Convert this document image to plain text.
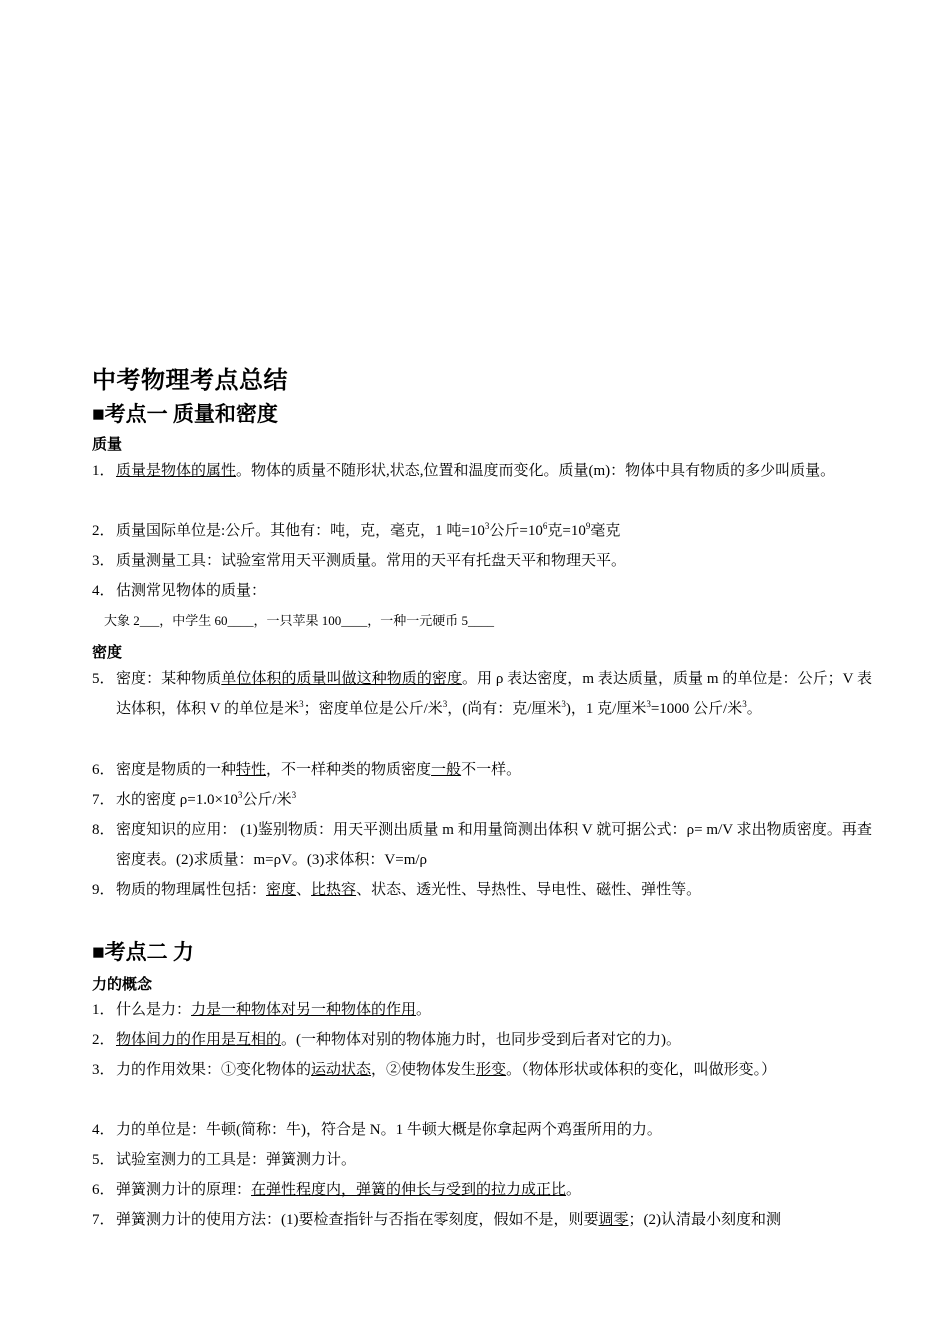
中考物理考点总结
■考点一 质量和密度
质量
1． 质量是物体的属性。物体的质量不随形状,状态,位置和温度而变化。质量(m)：物体中具有物质的多少叫质量。
2． 质量国际单位是:公斤。其他有：吨，克，毫克，1 吨$=10^3$公斤$=10^6$克$=10^9$毫克
3． 质量测量工具：试验室常用天平测质量。常用的天平有托盘天平和物理天平。
4． 估测常见物体的质量：
大象 2___，中学生 60____，一只苹果 100____，一种一元硬币 5____
密度
5． 密度：某种物质单位体积的质量叫做这种物质的密度。用 ρ 表达密度，m 表达质量，质量 m 的单位是：公斤；V 表达体积，体积 V 的单位是米$^3$；密度单位是公斤/米$^3$，(尚有：克/厘米$^3$)，1 克/厘米$^3$=1000 公斤/米$^3$。
6． 密度是物质的一种特性，不一样种类的物质密度一般不一样。
7． 水的密度 $\rho=1.0\times 10^3$公斤/米$^3$
8． 密度知识的应用： (1)鉴别物质：用天平测出质量 m 和用量筒测出体积 V 就可据公式：ρ= m/V 求出物质密度。再查密度表。(2)求质量：m=ρV。(3)求体积：V=m/ρ
9． 物质的物理属性包括：密度、比热容、状态、透光性、导热性、导电性、磁性、弹性等。
■考点二 力
力的概念
1． 什么是力：力是一种物体对另一种物体的作用。
2． 物体间力的作用是互相的。(一种物体对别的物体施力时，也同步受到后者对它的力)。
3． 力的作用效果：①变化物体的运动状态，②使物体发生形变。（物体形状或体积的变化，叫做形变。）
4． 力的单位是：牛顿(简称：牛)，符合是 N。1 牛顿大概是你拿起两个鸡蛋所用的力。
5． 试验室测力的工具是：弹簧测力计。
6． 弹簧测力计的原理：在弹性程度内，弹簧的伸长与受到的拉力成正比。
7． 弹簧测力计的使用方法：(1)要检查指针与否指在零刻度，假如不是，则要调零；(2)认清最小刻度和测
